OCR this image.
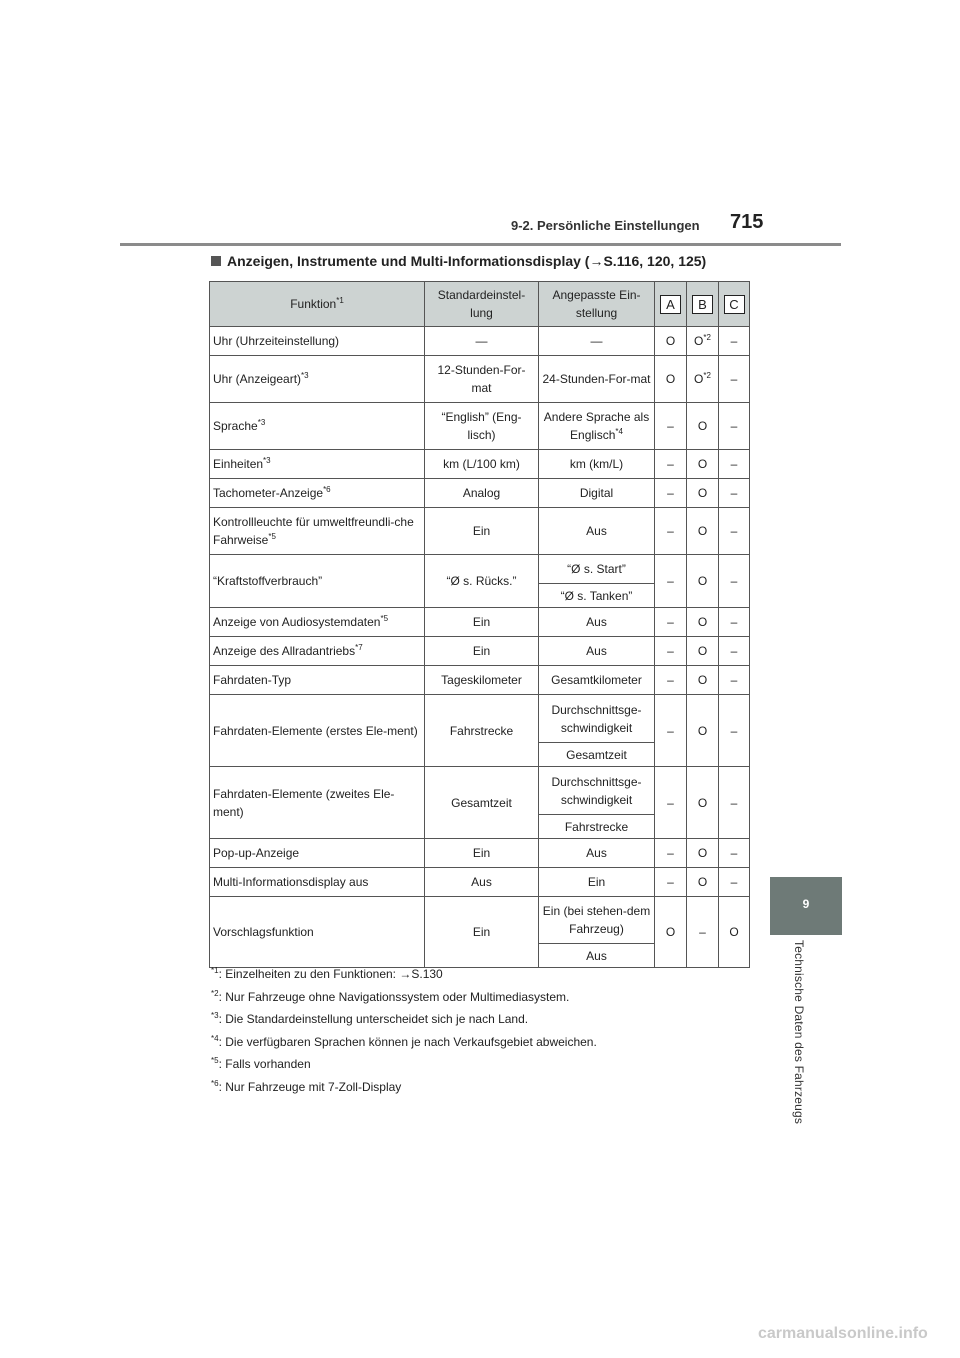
9-2. Persönliche Einstellungen 715
9
Technische Daten des Fahrzeugs
Anzeigen, Instrumente und Multi-Informationsdisplay (→S.116, 120, 125)
Funktion$^{*1}$	Standardeinstel-lung	Angepasste Ein-stellung	A	B	C
Uhr (Uhrzeiteinstellung)	—	—	O	$O^{*2}$	–
Uhr (Anzeigeart)$^{*3}$	12-Stunden-For-mat	24-Stunden-For-mat	O	$O^{*2}$	–
Sprache$^{*3}$	“English” (Eng-lisch)	Andere Sprache als Englisch$^{*4}$	–	O	–
Einheiten$^{*3}$	km (L/100 km)	km (km/L)	–	O	–
Tachometer-Anzeige$^{*6}$	Analog	Digital	–	O	–
Kontrollleuchte für umweltfreundli-che Fahrweise$^{*5}$	Ein	Aus	–	O	–
“Kraftstoffverbrauch”	“Ø s. Rücks.”	“Ø s. Start”	–	O	–
		“Ø s. Tanken”			
Anzeige von Audiosystemdaten$^{*5}$	Ein	Aus	–	O	–
Anzeige des Allradantriebs$^{*7}$	Ein	Aus	–	O	–
Fahrdaten-Typ	Tageskilometer	Gesamtkilometer	–	O	–
Fahrdaten-Elemente (erstes Ele-ment)	Fahrstrecke	Durchschnittsge-schwindigkeit	–	O	–
		Gesamtzeit			
Fahrdaten-Elemente (zweites Ele-ment)	Gesamtzeit	Durchschnittsge-schwindigkeit	–	O	–
		Fahrstrecke			
Pop-up-Anzeige	Ein	Aus	–	O	–
Multi-Informationsdisplay aus	Aus	Ein	–	O	–
Vorschlagsfunktion	Ein	Ein (bei stehen-dem Fahrzeug)	O	–	O
		Aus			
$^{*1}$: Einzelheiten zu den Funktionen: →S.130
$^{*2}$: Nur Fahrzeuge ohne Navigationssystem oder Multimediasystem.
$^{*3}$: Die Standardeinstellung unterscheidet sich je nach Land.
$^{*4}$: Die verfügbaren Sprachen können je nach Verkaufsgebiet abweichen.
$^{*5}$: Falls vorhanden
$^{*6}$: Nur Fahrzeuge mit 7-Zoll-Display
carmanualsonline.info
